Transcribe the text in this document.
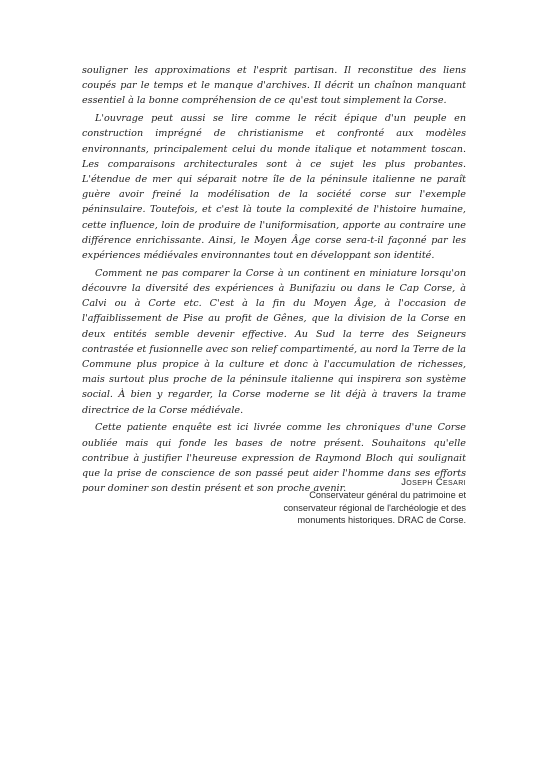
souligner les approximations et l'esprit partisan. Il reconstitue des liens coupés par le temps et le manque d'archives. Il décrit un chaînon manquant essentiel à la bonne compréhension de ce qu'est tout simplement la Corse.

L'ouvrage peut aussi se lire comme le récit épique d'un peuple en construction imprégné de christianisme et confronté aux modèles environnants, principalement celui du monde italique et notamment toscan. Les comparaisons architecturales sont à ce sujet les plus probantes. L'étendue de mer qui séparait notre île de la péninsule italienne ne paraît guère avoir freiné la modélisation de la société corse sur l'exemple péninsulaire. Toutefois, et c'est là toute la complexité de l'histoire humaine, cette influence, loin de produire de l'uniformisation, apporte au contraire une différence enrichissante. Ainsi, le Moyen Âge corse sera-t-il façonné par les expériences médiévales environnantes tout en développant son identité.

Comment ne pas comparer la Corse à un continent en miniature lorsqu'on découvre la diversité des expériences à Bunifaziu ou dans le Cap Corse, à Calvi ou à Corte etc. C'est à la fin du Moyen Âge, à l'occasion de l'affaiblissement de Pise au profit de Gênes, que la division de la Corse en deux entités semble devenir effective. Au Sud la terre des Seigneurs contrastée et fusionnelle avec son relief compartimenté, au nord la Terre de la Commune plus propice à la culture et donc à l'accumulation de richesses, mais surtout plus proche de la péninsule italienne qui inspirera son système social. À bien y regarder, la Corse moderne se lit déjà à travers la trame directrice de la Corse médiévale.

Cette patiente enquête est ici livrée comme les chroniques d'une Corse oubliée mais qui fonde les bases de notre présent. Souhaitons qu'elle contribue à justifier l'heureuse expression de Raymond Bloch qui soulignait que la prise de conscience de son passé peut aider l'homme dans ses efforts pour dominer son destin présent et son proche avenir.

Joseph Cesari
Conservateur général du patrimoine et
conservateur régional de l'archéologie et des
monuments historiques. DRAC de Corse.
